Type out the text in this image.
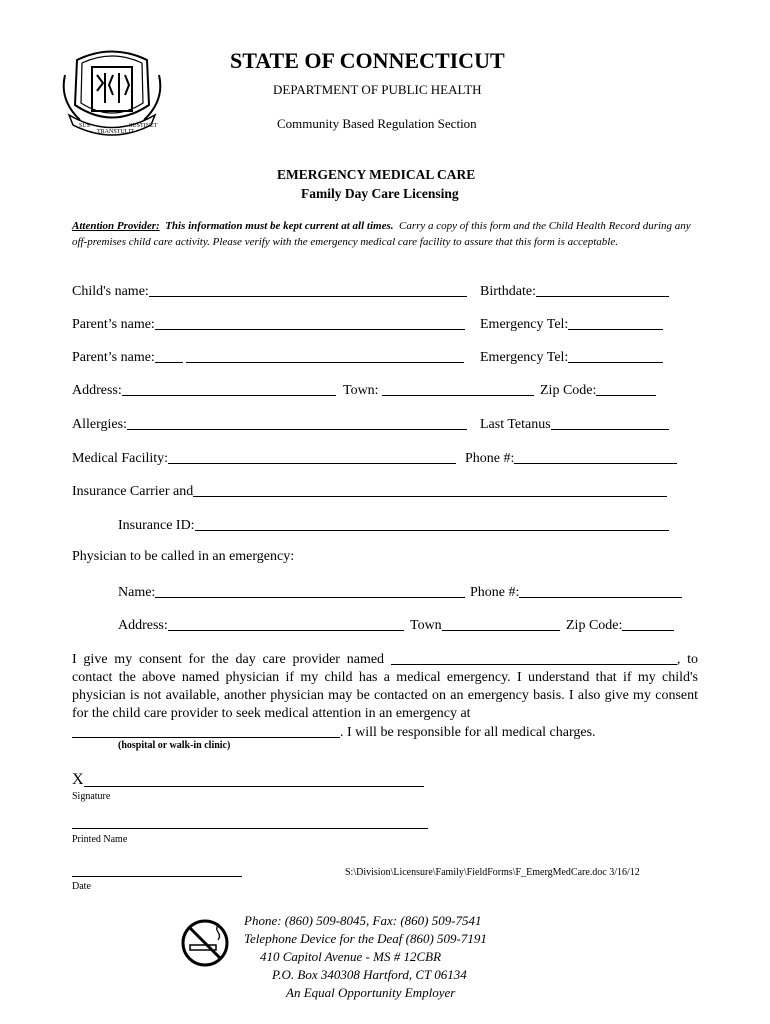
SUS
TRANSTULIT
SUSTINET
STATE OF CONNECTICUT
DEPARTMENT OF PUBLIC HEALTH
Community Based Regulation Section
EMERGENCY MEDICAL CARE
Family Day Care Licensing
Attention Provider: This information must be kept current at all times. Carry a copy of this form and the Child Health Record during any off-premises child care activity. Please verify with the emergency medical care facility to assure that this form is acceptable.
Child's name:	Birthdate:
Parent’s name:	Emergency Tel:
Parent’s name:	Emergency Tel:
Address:	Town:	Zip Code:
Allergies:	Last Tetanus
Medical Facility:	Phone #:
Insurance Carrier and
Insurance ID:
Physician to be called in an emergency:
Name:	Phone #:
Address:	Town	Zip Code:
I give my consent for the day care provider named	, to contact the above named physician if my child has a medical emergency. I understand that if my child's physician is not available, another physician may be contacted on an emergency basis. I also give my consent for the child care provider to seek medical attention in an emergency at
. I will be responsible for all medical charges.
(hospital or walk-in clinic)
X
Signature
Printed Name
Date
S:\Division\Licensure\Family\FieldForms\F_EmergMedCare.doc 3/16/12
Phone: (860) 509-8045, Fax: (860) 509-7541
Telephone Device for the Deaf (860) 509-7191
410 Capitol Avenue - MS # 12CBR
P.O. Box 340308 Hartford, CT 06134
An Equal Opportunity Employer
